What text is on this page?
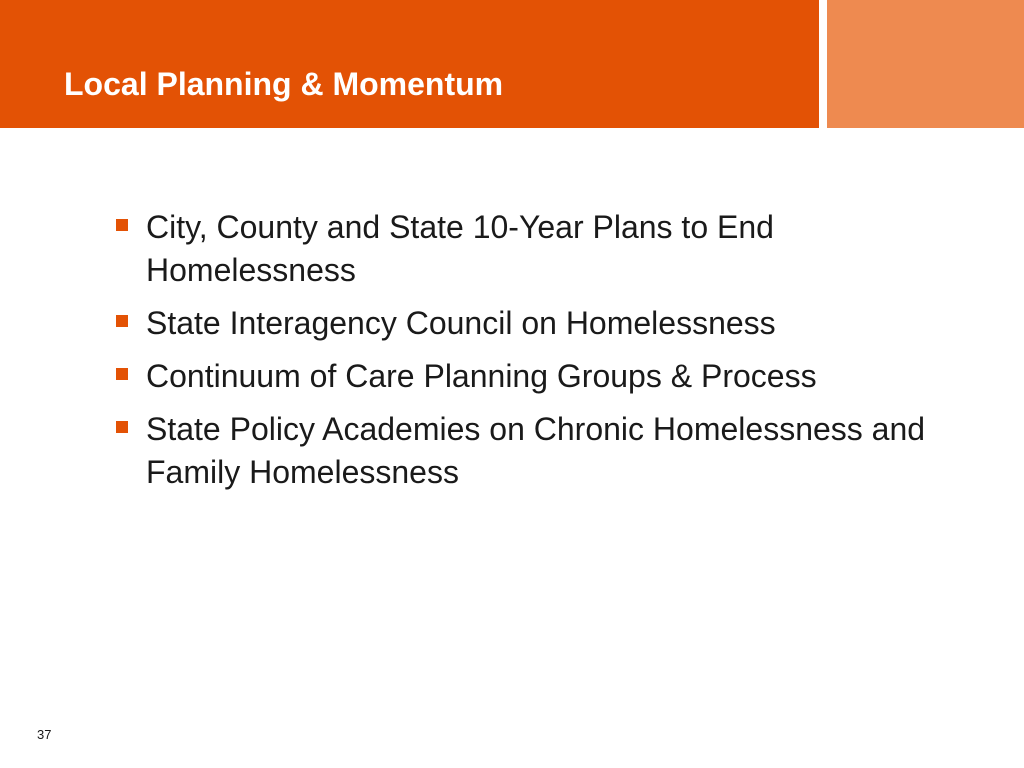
Local Planning & Momentum
City, County and State 10-Year Plans to End Homelessness
State Interagency Council on Homelessness
Continuum of Care Planning Groups & Process
State Policy Academies on Chronic Homelessness and Family Homelessness
37
